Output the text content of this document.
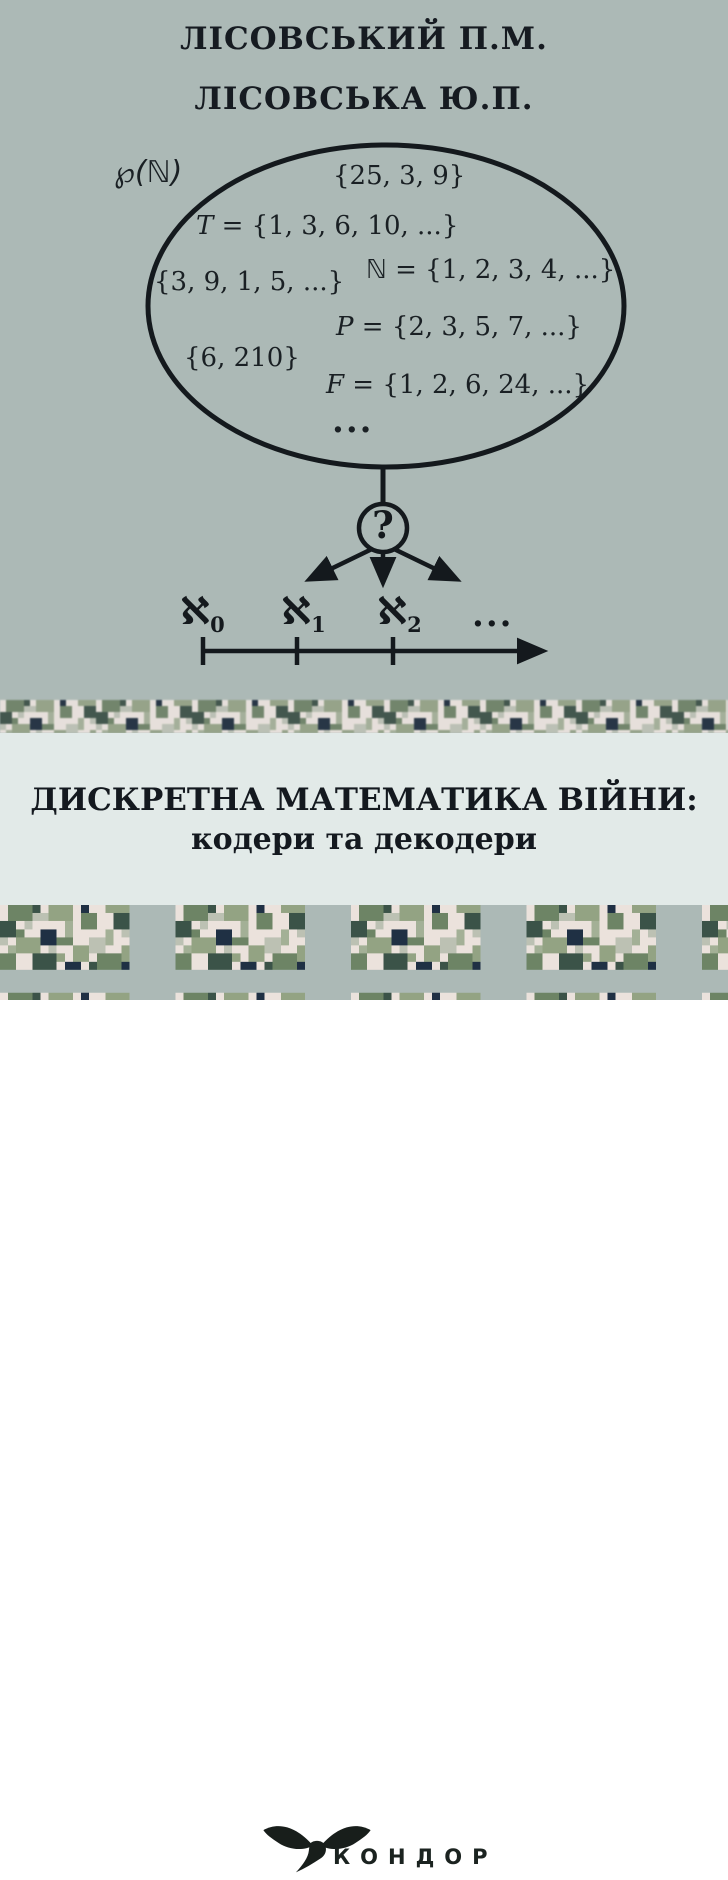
ЛІСОВСЬКИЙ П.М.
ЛІСОВСЬКА Ю.П.
℘(ℕ)	{25, 3, 9}
T = {1, 3, 6, 10, ...}
{3, 9, 1, 5, ...} ℕ = {1, 2, 3, 4, ...}
P = {2, 3, 5, 7, ...}
{6, 210}
F = {1, 2, 6, 24, ...}
...
?
ℵ0 ℵ1 ℵ2 ...
ДИСКРЕТНА МАТЕМАТИКА ВІЙНИ:
кодери та декодери
КОНДОР
